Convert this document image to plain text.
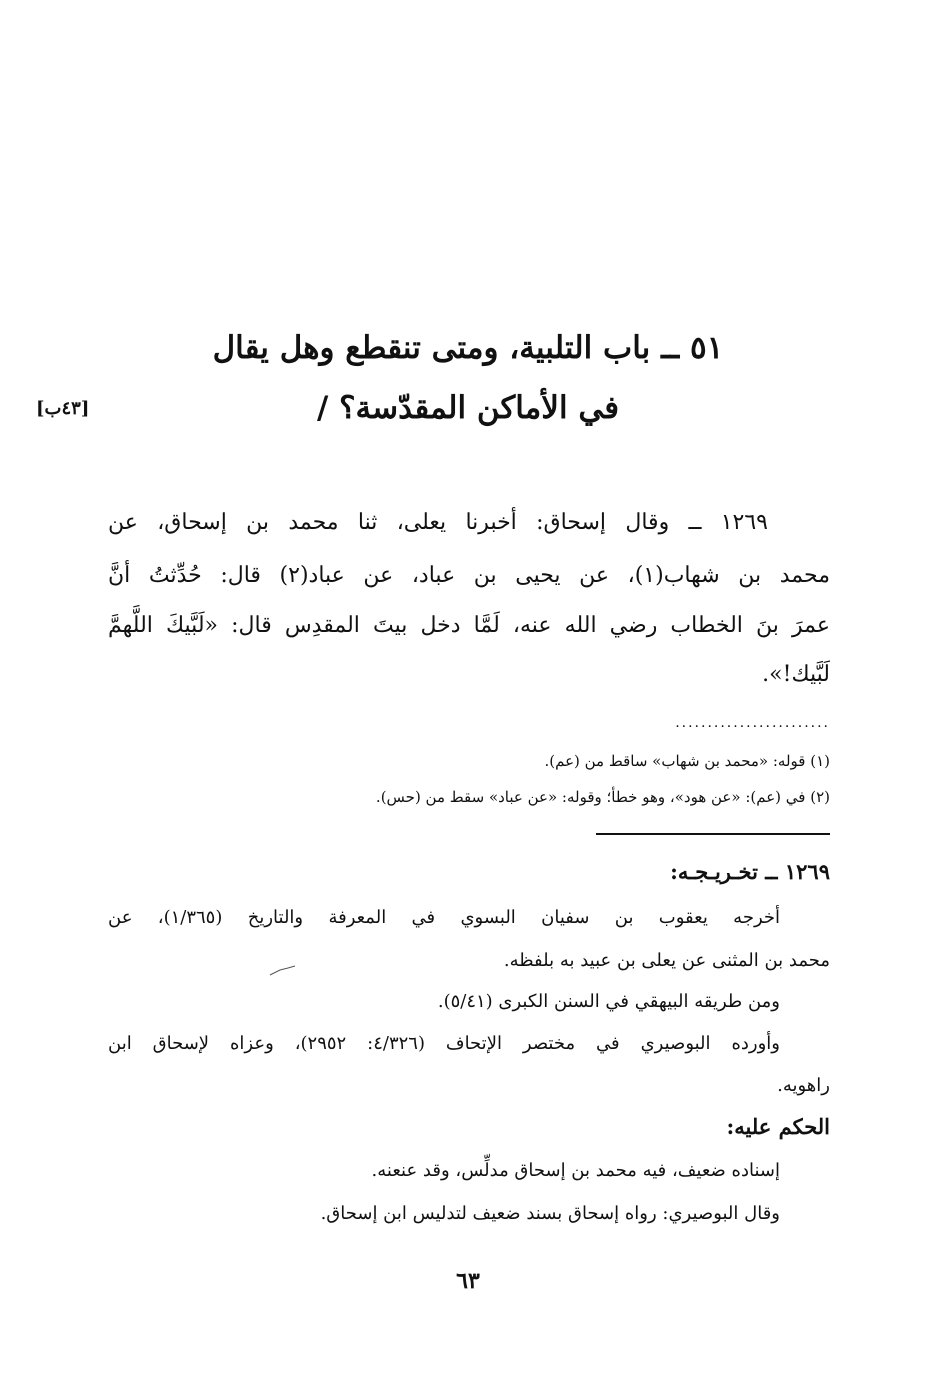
٥١ ــ باب التلبية، ومتى تنقطع وهل يقال
في الأماكن المقدّسة؟ /
[٤٣ب]
١٢٦٩ ــ وقال إسحاق: أخبرنا يعلى، ثنا محمد بن إسحاق، عن
محمد بن شهاب(١)، عن يحيى بن عباد، عن عباد(٢) قال: حُدِّثتُ أنَّ
عمرَ بنَ الخطاب رضي الله عنه، لَمَّا دخل بيتَ المقدِس قال: «لَبَّيكَ اللَّهمَّ
لَبَّيك!».
........................
(١) قوله: «محمد بن شهاب» ساقط من (عم).
(٢) في (عم): «عن هود»، وهو خطأ؛ وقوله: «عن عباد» سقط من (حس).
١٢٦٩ ــ تخـريـجـه:
أخرجه يعقوب بن سفيان البسوي في المعرفة والتاريخ (١/٣٦٥)، عن
محمد بن المثنى عن يعلى بن عبيد به بلفظه.
ومن طريقه البيهقي في السنن الكبرى (٥/٤١).
وأورده البوصيري في مختصر الإتحاف (٤/٣٢٦: ٢٩٥٢)، وعزاه لإسحاق ابن
راهويه.
الحكم عليه:
إسناده ضعيف، فيه محمد بن إسحاق مدلِّس، وقد عنعنه.
وقال البوصيري: رواه إسحاق بسند ضعيف لتدليس ابن إسحاق.
٦٣
